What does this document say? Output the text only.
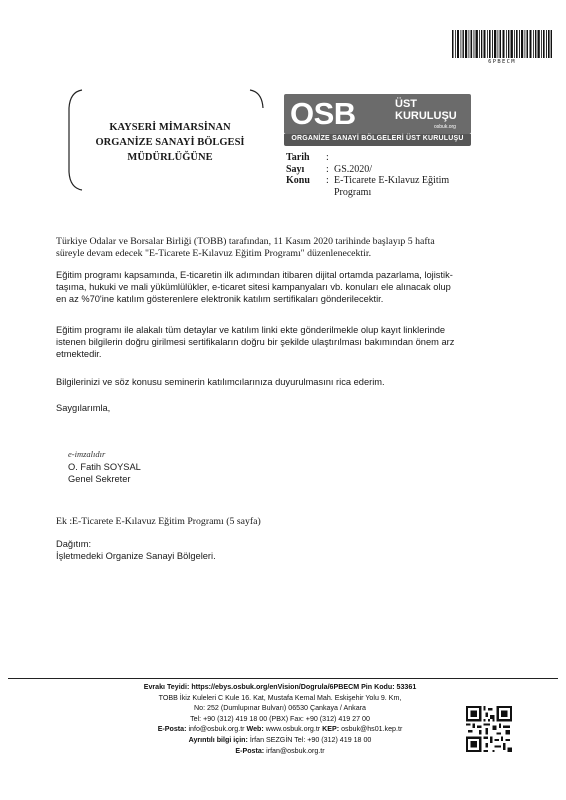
6PBECM
KAYSERİ MİMARSİNAN
ORGANİZE SANAYİ BÖLGESİ
MÜDÜRLÜĞÜNE
OSB	ÜST
KURULUŞU
osbuk.org
ORGANİZE SANAYİ BÖLGELERİ ÜST KURULUŞU
Tarih :
Sayı : GS.2020/
Konu : E-Ticarete E-Kılavuz Eğitim
Programı
Türkiye Odalar ve Borsalar Birliği (TOBB) tarafından, 11 Kasım 2020 tarihinde başlayıp 5 hafta
süreyle devam edecek "E-Ticarete E-Kılavuz Eğitim Programı" düzenlenecektir.
Eğitim programı kapsamında, E-ticaretin ilk adımından itibaren dijital ortamda pazarlama, lojistik-
taşıma, hukuki ve mali yükümlülükler, e-ticaret sitesi kampanyaları vb. konuları ele alınacak olup
en az %70'ine katılım gösterenlere elektronik katılım sertifikaları gönderilecektir.
Eğitim programı ile alakalı tüm detaylar ve katılım linki ekte gönderilmekle olup kayıt linklerinde
istenen bilgilerin doğru girilmesi sertifikaların doğru bir şekilde ulaştırılması bakımından önem arz
etmektedir.
Bilgilerinizi ve söz konusu seminerin katılımcılarınıza duyurulmasını rica ederim.
Saygılarımla,
e-imzalıdır
O. Fatih SOYSAL
Genel Sekreter
Ek :E-Ticarete E-Kılavuz Eğitim Programı (5 sayfa)
Dağıtım:
İşletmedeki Organize Sanayi Bölgeleri.
Evrakı Teyidi: https://ebys.osbuk.org/enVision/Dogrula/6PBECM Pin Kodu: 53361
TOBB İkiz Kuleleri C Kule 16. Kat, Mustafa Kemal Mah. Eskişehir Yolu 9. Km,
No: 252 (Dumlupınar Bulvarı) 06530 Çankaya / Ankara
Tel: +90 (312) 419 18 00 (PBX) Fax: +90 (312) 419 27 00
E-Posta: info@osbuk.org.tr Web: www.osbuk.org.tr KEP: osbuk@hs01.kep.tr
Ayrıntılı bilgi için: İrfan SEZGİN Tel: +90 (312) 419 18 00
E-Posta: irfan@osbuk.org.tr
